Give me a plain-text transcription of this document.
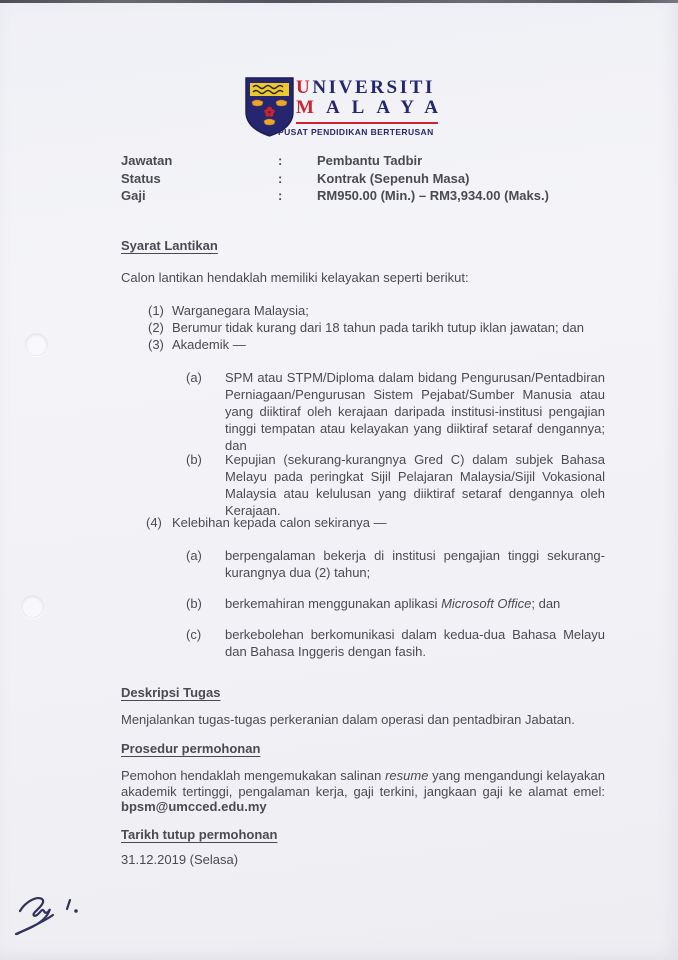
UNIVERSITI
MALAYA
PUSAT PENDIDIKAN BERTERUSAN
Jawatan	:	Pembantu Tadbir
Status	:	Kontrak (Sepenuh Masa)
Gaji	:	RM950.00 (Min.) – RM3,934.00 (Maks.)
Syarat Lantikan
Calon lantikan hendaklah memiliki kelayakan seperti berikut:
(1) Warganegara Malaysia;
(2) Berumur tidak kurang dari 18 tahun pada tarikh tutup iklan jawatan; dan
(3) Akademik —
(a)	SPM atau STPM/Diploma dalam bidang Pengurusan/Pentadbiran Perniagaan/Pengurusan Sistem Pejabat/Sumber Manusia atau yang diiktiraf oleh kerajaan daripada institusi-institusi pengajian tinggi tempatan atau kelayakan yang diiktiraf setaraf dengannya; dan
(b)	Kepujian (sekurang-kurangnya Gred C) dalam subjek Bahasa Melayu pada peringkat Sijil Pelajaran Malaysia/Sijil Vokasional Malaysia atau kelulusan yang diiktiraf setaraf dengannya oleh Kerajaan.
(4) Kelebihan kepada calon sekiranya —
(a)	berpengalaman bekerja di institusi pengajian tinggi sekurang-kurangnya dua (2) tahun;
(b)	berkemahiran menggunakan aplikasi Microsoft Office; dan
(c)	berkebolehan berkomunikasi dalam kedua-dua Bahasa Melayu dan Bahasa Inggeris dengan fasih.
Deskripsi Tugas
Menjalankan tugas-tugas perkeranian dalam operasi dan pentadbiran Jabatan.
Prosedur permohonan
Pemohon hendaklah mengemukakan salinan resume yang mengandungi kelayakan akademik tertinggi, pengalaman kerja, gaji terkini, jangkaan gaji ke alamat emel: bpsm@umcced.edu.my
Tarikh tutup permohonan
31.12.2019 (Selasa)
